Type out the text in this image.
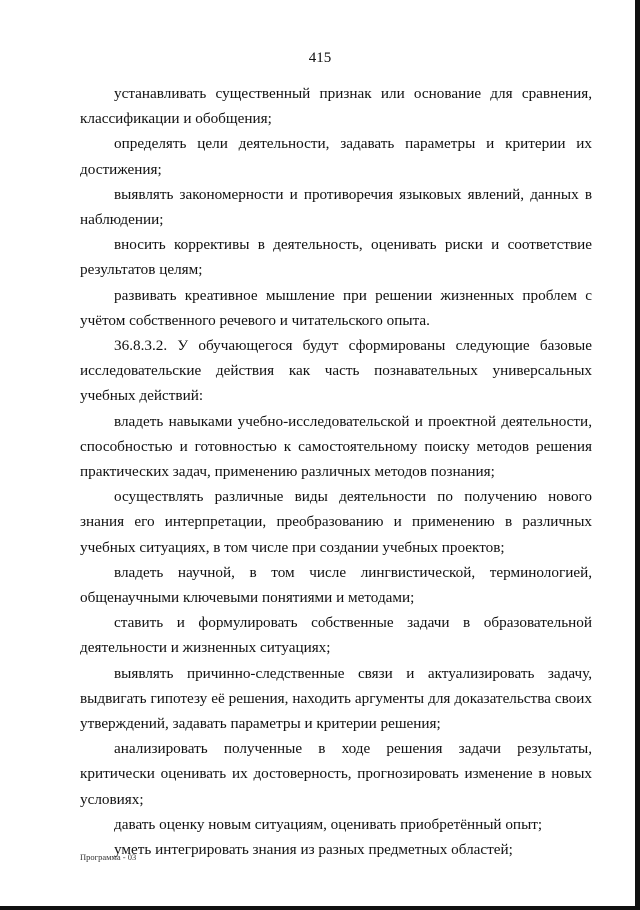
415

устанавливать существенный признак или основание для сравнения, классификации и обобщения;

определять цели деятельности, задавать параметры и критерии их достижения;

выявлять закономерности и противоречия языковых явлений, данных в наблюдении;

вносить коррективы в деятельность, оценивать риски и соответствие результатов целям;

развивать креативное мышление при решении жизненных проблем с учётом собственного речевого и читательского опыта.

36.8.3.2. У обучающегося будут сформированы следующие базовые исследовательские действия как часть познавательных универсальных учебных действий:

владеть навыками учебно-исследовательской и проектной деятельности, способностью и готовностью к самостоятельному поиску методов решения практических задач, применению различных методов познания;

осуществлять различные виды деятельности по получению нового знания его интерпретации, преобразованию и применению в различных учебных ситуациях, в том числе при создании учебных проектов;

владеть научной, в том числе лингвистической, терминологией, общенаучными ключевыми понятиями и методами;

ставить и формулировать собственные задачи в образовательной деятельности и жизненных ситуациях;

выявлять причинно-следственные связи и актуализировать задачу, выдвигать гипотезу её решения, находить аргументы для доказательства своих утверждений, задавать параметры и критерии решения;

анализировать полученные в ходе решения задачи результаты, критически оценивать их достоверность, прогнозировать изменение в новых условиях;

давать оценку новым ситуациям, оценивать приобретённый опыт;

уметь интегрировать знания из разных предметных областей;

Программа - 03
